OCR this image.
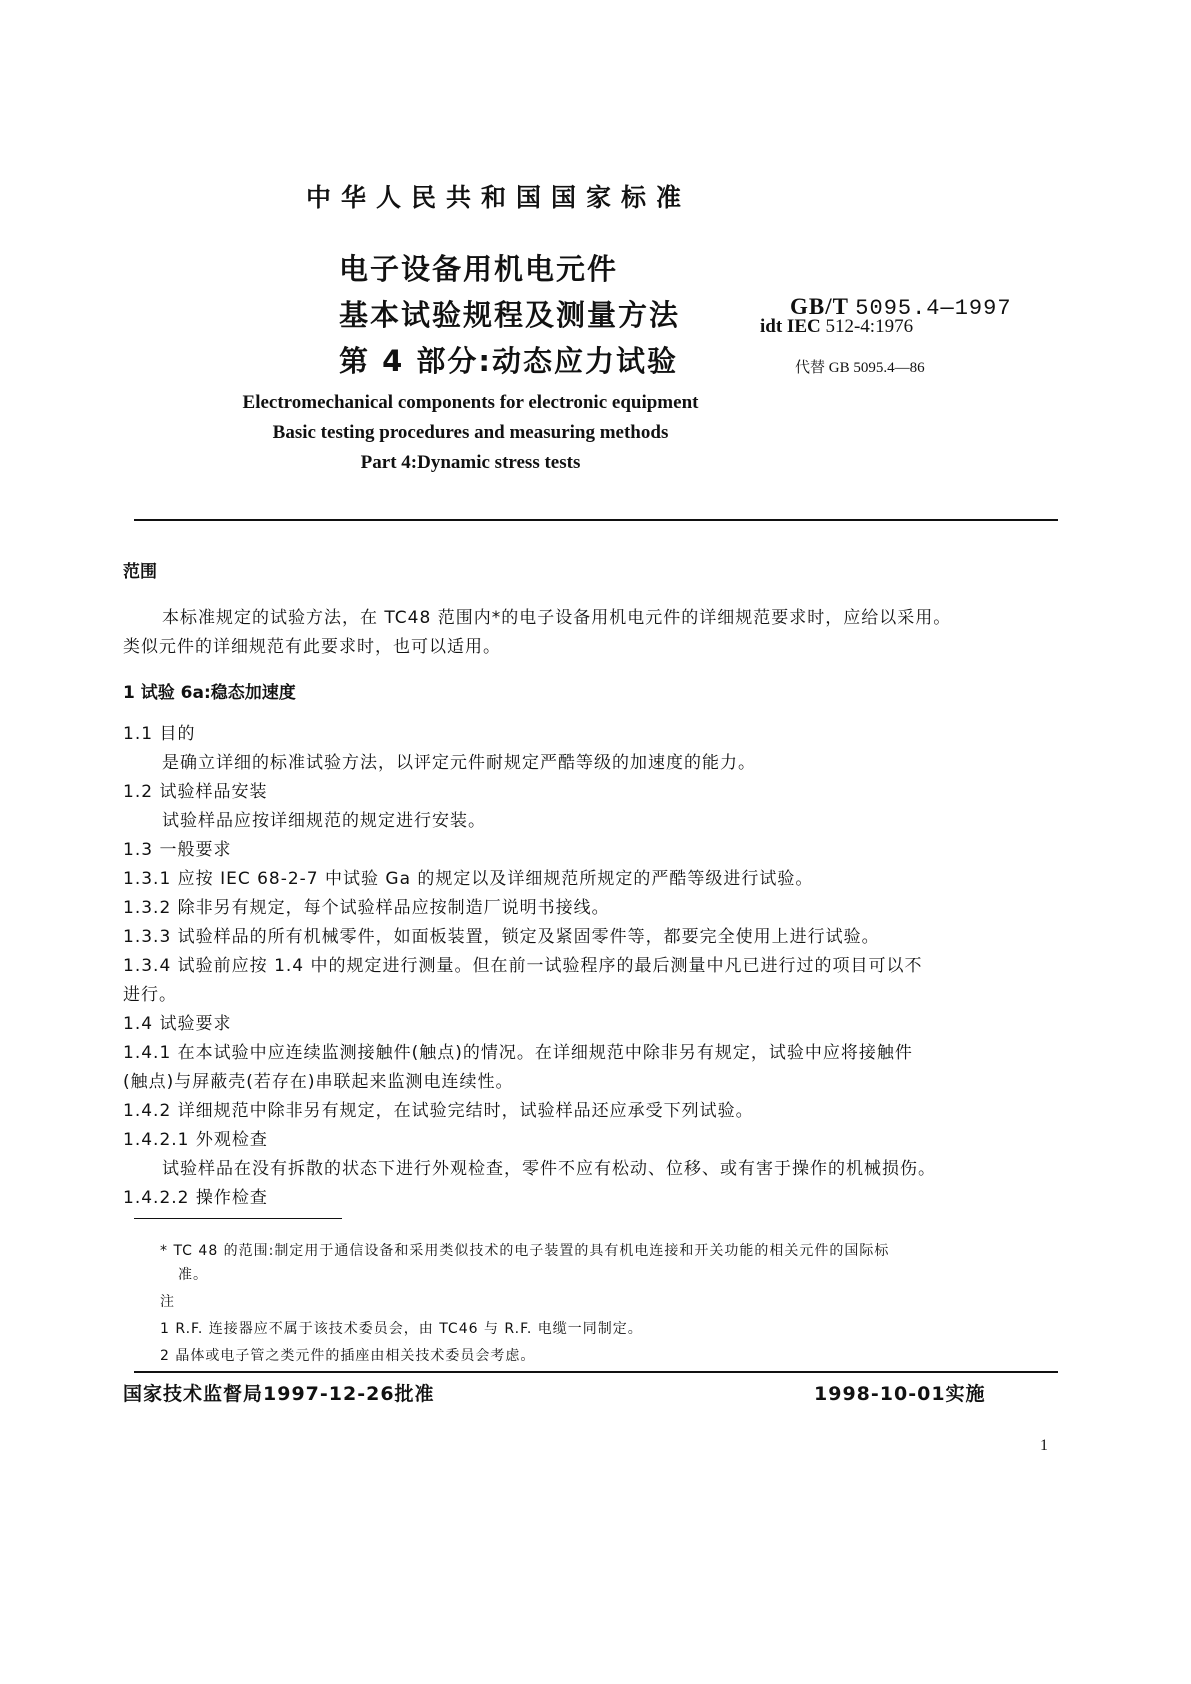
中华人民共和国国家标准
电子设备用机电元件
基本试验规程及测量方法
第 4 部分:动态应力试验
GB/T 5095.4—1997
idt IEC 512-4:1976
代替 GB 5095.4—86
Electromechanical components for electronic equipment
Basic testing procedures and measuring methods
Part 4:Dynamic stress tests
范围
本标准规定的试验方法，在 TC48 范围内*的电子设备用机电元件的详细规范要求时，应给以采用。
类似元件的详细规范有此要求时，也可以适用。
1 试验 6a:稳态加速度
1.1 目的
是确立详细的标准试验方法，以评定元件耐规定严酷等级的加速度的能力。
1.2 试验样品安装
试验样品应按详细规范的规定进行安装。
1.3 一般要求
1.3.1 应按 IEC 68-2-7 中试验 Ga 的规定以及详细规范所规定的严酷等级进行试验。
1.3.2 除非另有规定，每个试验样品应按制造厂说明书接线。
1.3.3 试验样品的所有机械零件，如面板装置，锁定及紧固零件等，都要完全使用上进行试验。
1.3.4 试验前应按 1.4 中的规定进行测量。但在前一试验程序的最后测量中凡已进行过的项目可以不
进行。
1.4 试验要求
1.4.1 在本试验中应连续监测接触件(触点)的情况。在详细规范中除非另有规定，试验中应将接触件
(触点)与屏蔽壳(若存在)串联起来监测电连续性。
1.4.2 详细规范中除非另有规定，在试验完结时，试验样品还应承受下列试验。
1.4.2.1 外观检查
试验样品在没有拆散的状态下进行外观检查，零件不应有松动、位移、或有害于操作的机械损伤。
1.4.2.2 操作检查
* TC 48 的范围:制定用于通信设备和采用类似技术的电子装置的具有机电连接和开关功能的相关元件的国际标
准。
注
1 R.F. 连接器应不属于该技术委员会，由 TC46 与 R.F. 电缆一同制定。
2 晶体或电子管之类元件的插座由相关技术委员会考虑。
国家技术监督局1997-12-26批准	1998-10-01实施
1
